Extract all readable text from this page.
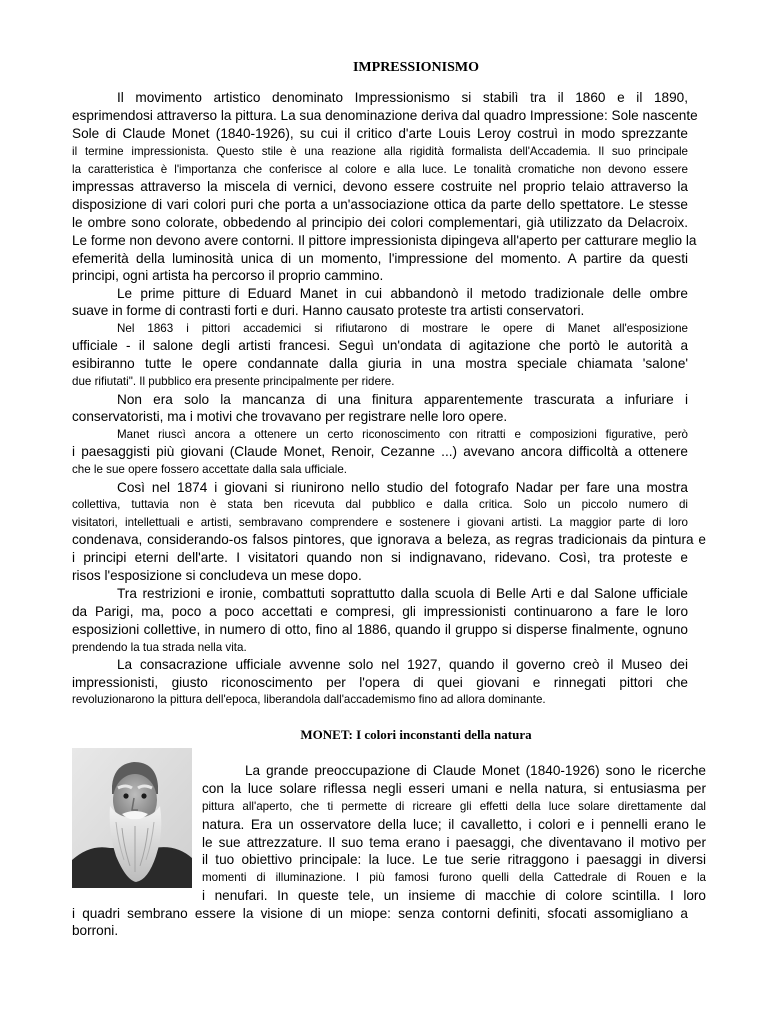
IMPRESSIONISMO
Il movimento artistico denominato Impressionismo si stabilì tra il 1860 e il 1890,
esprimendosi attraverso la pittura. La sua denominazione deriva dal quadro Impressione: Sole nascente
Sole di Claude Monet (1840-1926), su cui il critico d'arte Louis Leroy costruì in modo sprezzante
il termine impressionista. Questo stile è una reazione alla rigidità formalista dell'Accademia. Il suo principale
la caratteristica è l'importanza che conferisce al colore e alla luce. Le tonalità cromatiche non devono essere
impressas attraverso la miscela di vernici, devono essere costruite nel proprio telaio attraverso la
disposizione di vari colori puri che porta a un'associazione ottica da parte dello spettatore. Le stesse
le ombre sono colorate, obbedendo al principio dei colori complementari, già utilizzato da Delacroix.
Le forme non devono avere contorni. Il pittore impressionista dipingeva all'aperto per catturare meglio la
efemerità della luminosità unica di un momento, l'impressione del momento. A partire da questi
principi, ogni artista ha percorso il proprio cammino.
Le prime pitture di Eduard Manet in cui abbandonò il metodo tradizionale delle ombre
suave in forme di contrasti forti e duri. Hanno causato proteste tra artisti conservatori.
Nel 1863 i pittori accademici si rifiutarono di mostrare le opere di Manet all'esposizione
ufficiale - il salone degli artisti francesi. Seguì un'ondata di agitazione che portò le autorità a
esibiranno tutte le opere condannate dalla giuria in una mostra speciale chiamata 'salone'
due rifiutati". Il pubblico era presente principalmente per ridere.
Non era solo la mancanza di una finitura apparentemente trascurata a infuriare i
conservatoristi, ma i motivi che trovavano per registrare nelle loro opere.
Manet riuscì ancora a ottenere un certo riconoscimento con ritratti e composizioni figurative, però
i paesaggisti più giovani (Claude Monet, Renoir, Cezanne ...) avevano ancora difficoltà a ottenere
che le sue opere fossero accettate dalla sala ufficiale.
Così nel 1874 i giovani si riunirono nello studio del fotografo Nadar per fare una mostra
collettiva, tuttavia non è stata ben ricevuta dal pubblico e dalla critica. Solo un piccolo numero di
visitatori, intellettuali e artisti, sembravano comprendere e sostenere i giovani artisti. La maggior parte di loro
condenava, considerando-os falsos pintores, que ignorava a beleza, as regras tradicionais da pintura e
i principi eterni dell'arte. I visitatori quando non si indignavano, ridevano. Così, tra proteste e
risos l'esposizione si concludeva un mese dopo.
Tra restrizioni e ironie, combattuti soprattutto dalla scuola di Belle Arti e dal Salone ufficiale
da Parigi, ma, poco a poco accettati e compresi, gli impressionisti continuarono a fare le loro
esposizioni collettive, in numero di otto, fino al 1886, quando il gruppo si disperse finalmente, ognuno
prendendo la tua strada nella vita.
La consacrazione ufficiale avvenne solo nel 1927, quando il governo creò il Museo dei
impressionisti, giusto riconoscimento per l'opera di quei giovani e rinnegati pittori che
revoluzionarono la pittura dell'epoca, liberandola dall'accademismo fino ad allora dominante.
MONET: I colori inconstanti della natura
La grande preoccupazione di Claude Monet (1840-1926) sono le ricerche
con la luce solare riflessa negli esseri umani e nella natura, si entusiasma per
pittura all'aperto, che ti permette di ricreare gli effetti della luce solare direttamente dal
natura. Era un osservatore della luce; il cavalletto, i colori e i pennelli erano le
le sue attrezzature. Il suo tema erano i paesaggi, che diventavano il motivo per
il tuo obiettivo principale: la luce. Le tue serie ritraggono i paesaggi in diversi
momenti di illuminazione. I più famosi furono quelli della Cattedrale di Rouen e la
i nenufari. In queste tele, un insieme di macchie di colore scintilla. I loro
i quadri sembrano essere la visione di un miope: senza contorni definiti, sfocati assomigliano a
borroni.
